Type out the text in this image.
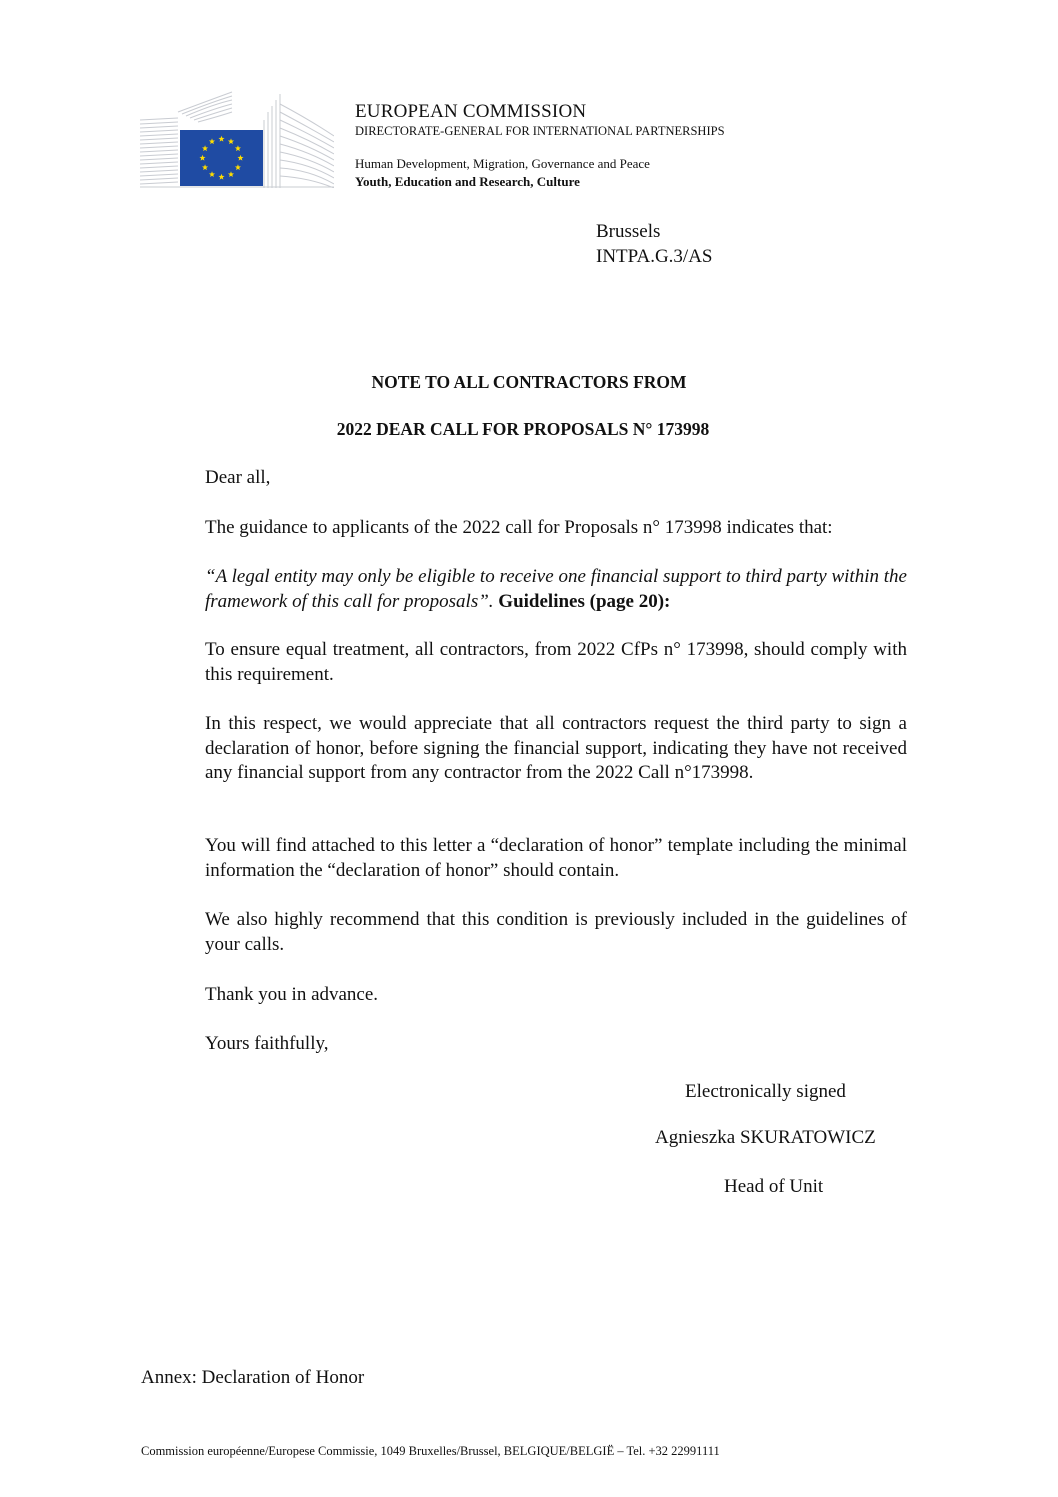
EUROPEAN COMMISSION
DIRECTORATE-GENERAL FOR INTERNATIONAL PARTNERSHIPS
Human Development, Migration, Governance and Peace
Youth, Education and Research, Culture
Brussels
INTPA.G.3/AS
NOTE TO ALL CONTRACTORS FROM
2022 DEAR CALL FOR PROPOSALS N° 173998
Dear all,
The guidance to applicants of the 2022 call for Proposals n° 173998 indicates that:
“A legal entity may only be eligible to receive one financial support to third party within the framework of this call for proposals”. Guidelines (page 20):
To ensure equal treatment, all contractors, from 2022 CfPs n° 173998, should comply with this requirement.
In this respect, we would appreciate that all contractors request the third party to sign a declaration of honor, before signing the financial support, indicating they have not received any financial support from any contractor from the 2022 Call n°173998.
You will find attached to this letter a “declaration of honor” template including the minimal information the “declaration of honor” should contain.
We also highly recommend that this condition is previously included in the guidelines of your calls.
Thank you in advance.
Yours faithfully,
Electronically signed
Agnieszka SKURATOWICZ
Head of Unit
Annex: Declaration of Honor
Commission européenne/Europese Commissie, 1049 Bruxelles/Brussel, BELGIQUE/BELGIË – Tel. +32 22991111
